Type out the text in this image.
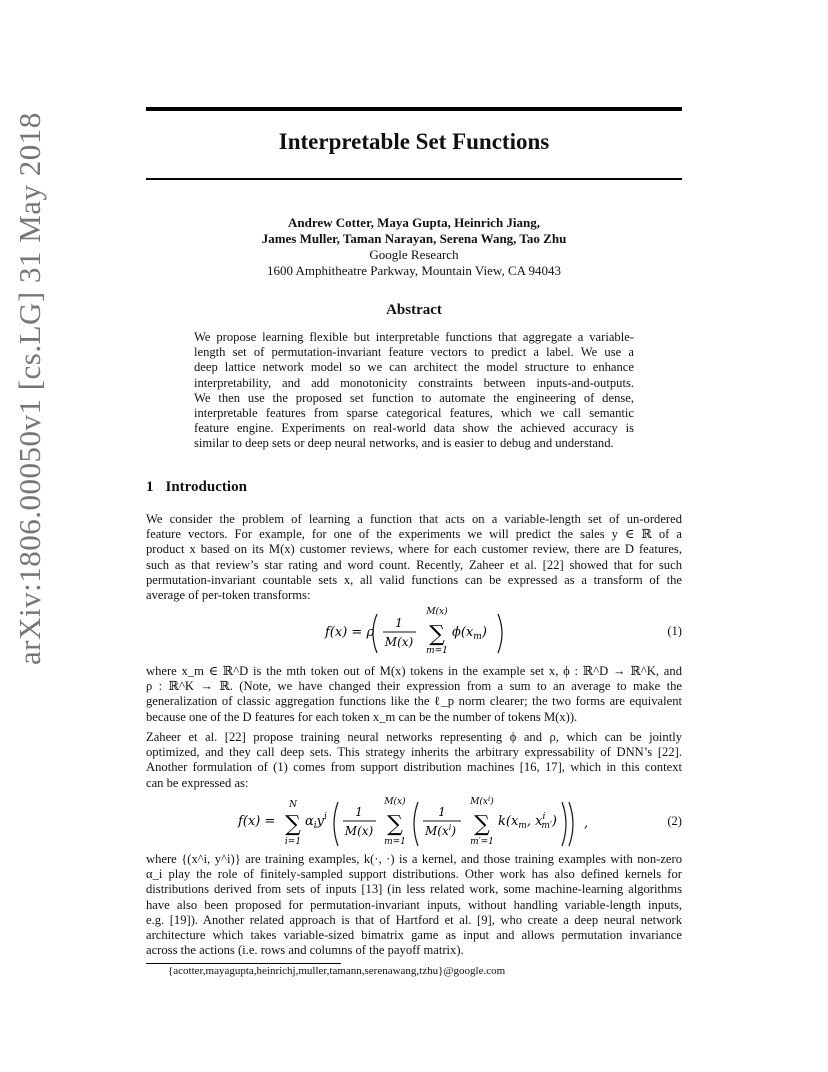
arXiv:1806.00050v1 [cs.LG] 31 May 2018	Interpretable Set Functions
Andrew Cotter, Maya Gupta, Heinrich Jiang,
James Muller, Taman Narayan, Serena Wang, Tao Zhu
Google Research
1600 Amphitheatre Parkway, Mountain View, CA 94043
Abstract
We propose learning flexible but interpretable functions that aggregate a variable-
length set of permutation-invariant feature vectors to predict a label. We use a
deep lattice network model so we can architect the model structure to enhance
interpretability, and add monotonicity constraints between inputs-and-outputs.
We then use the proposed set function to automate the engineering of dense,
interpretable features from sparse categorical features, which we call semantic
feature engine. Experiments on real-world data show the achieved accuracy is
similar to deep sets or deep neural networks, and is easier to debug and understand.
1 Introduction
We consider the problem of learning a function that acts on a variable-length set of un-ordered
feature vectors. For example, for one of the experiments we will predict the sales y ∈ ℝ of a
product x based on its M(x) customer reviews, where for each customer review, there are D features,
such as that review’s star rating and word count. Recently, Zaheer et al. [22] showed that for such
permutation-invariant countable sets x, all valid functions can be expressed as a transform of the
average of per-token transforms:
f(x) = ρ
1
M(x)
M(x)
∑
m=1
$\phi(x_m)$	(1)
where x_m ∈ ℝ^D is the mth token out of M(x) tokens in the example set x, ϕ : ℝ^D → ℝ^K, and
ρ : ℝ^K → ℝ. (Note, we have changed their expression from a sum to an average to make the
generalization of classic aggregation functions like the ℓ_p norm clearer; the two forms are equivalent
because one of the D features for each token x_m can be the number of tokens M(x)).
Zaheer et al. [22] propose training neural networks representing ϕ and ρ, which can be jointly
optimized, and they call deep sets. This strategy inherits the arbitrary expressability of DNN’s [22].
Another formulation of (1) comes from support distribution machines [16, 17], which in this context
can be expressed as:
f(x) =
N
∑
i=1
$\alpha_iy^i$ 1
M(x)
M(x)
∑
m=1
1
$M(x^i)$
$M(x^i)$
∑
m′=1
$k(x_m$, $x^i$ m′) ,	(2)
where {(x^i, y^i)} are training examples, k(·, ·) is a kernel, and those training examples with non-zero
α_i play the role of finitely-sampled support distributions. Other work has also defined kernels for
distributions derived from sets of inputs [13] (in less related work, some machine-learning algorithms
have also been proposed for permutation-invariant inputs, without handling variable-length inputs,
e.g. [19]). Another related approach is that of Hartford et al. [9], who create a deep neural network
architecture which takes variable-sized bimatrix game as input and allows permutation invariance
across the actions (i.e. rows and columns of the payoff matrix).
{acotter,mayagupta,heinrichj,muller,tamann,serenawang,tzhu}@google.com
